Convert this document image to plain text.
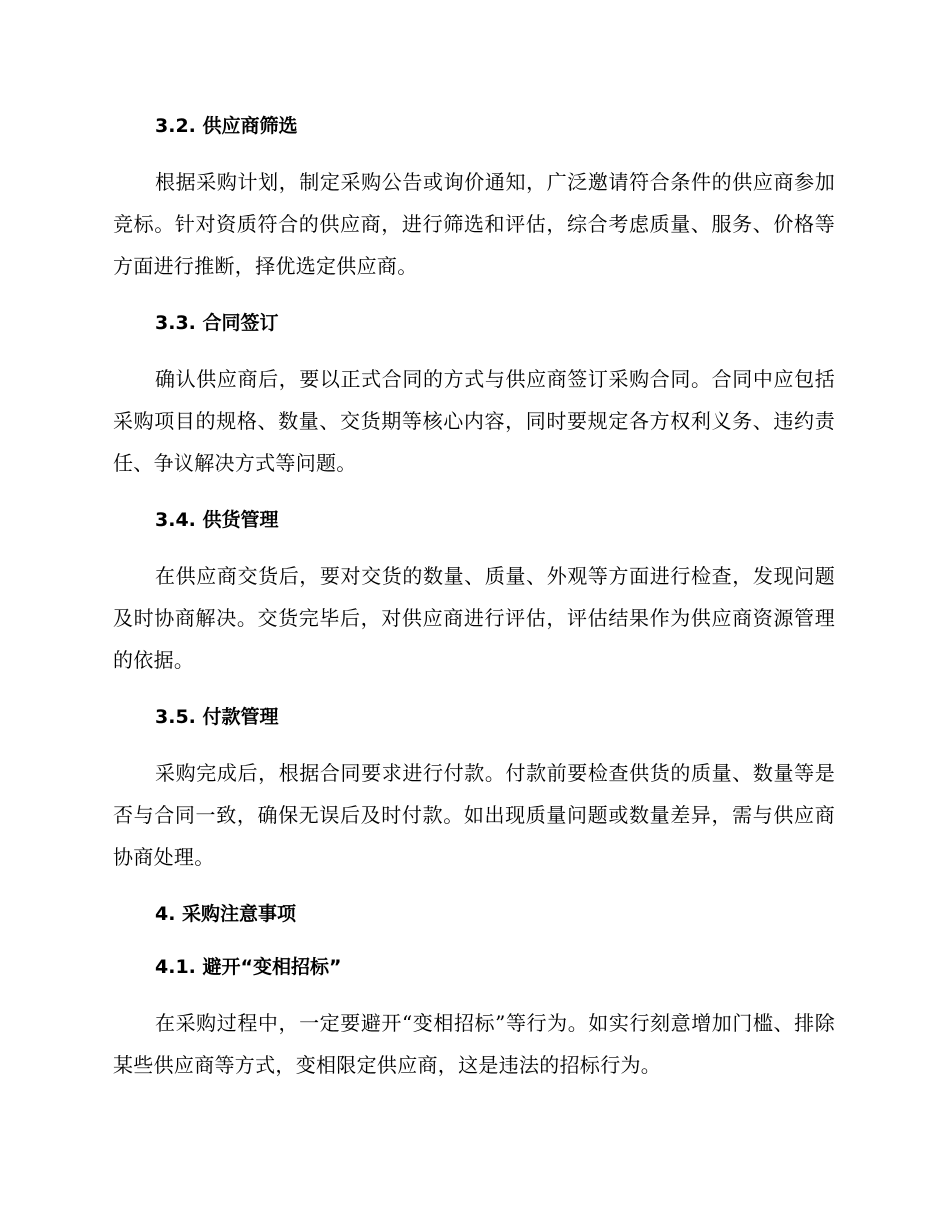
3.2. 供应商筛选

根据采购计划，制定采购公告或询价通知，广泛邀请符合条件的供应商参加竞标。针对资质符合的供应商，进行筛选和评估，综合考虑质量、服务、价格等方面进行推断，择优选定供应商。

3.3. 合同签订

确认供应商后，要以正式合同的方式与供应商签订采购合同。合同中应包括采购项目的规格、数量、交货期等核心内容，同时要规定各方权利义务、违约责任、争议解决方式等问题。

3.4. 供货管理

在供应商交货后，要对交货的数量、质量、外观等方面进行检查，发现问题及时协商解决。交货完毕后，对供应商进行评估，评估结果作为供应商资源管理的依据。

3.5. 付款管理

采购完成后，根据合同要求进行付款。付款前要检查供货的质量、数量等是否与合同一致，确保无误后及时付款。如出现质量问题或数量差异，需与供应商协商处理。

4. 采购注意事项
4.1. 避开“变相招标”

在采购过程中，一定要避开“变相招标”等行为。如实行刻意增加门槛、排除某些供应商等方式，变相限定供应商，这是违法的招标行为。
